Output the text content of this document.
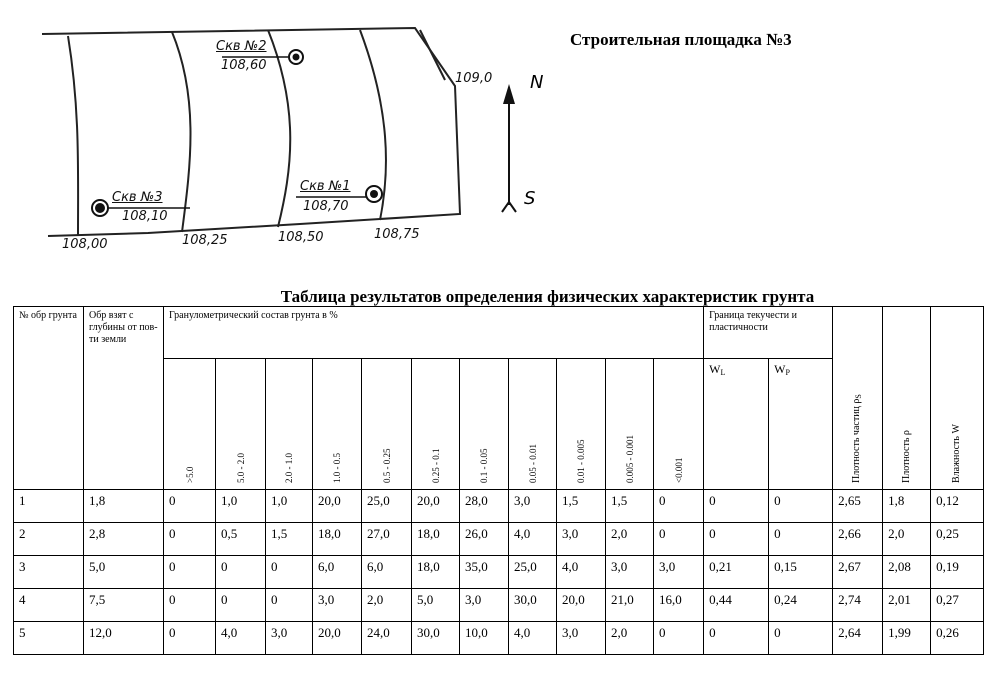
Скв №2
108,60
Скв №3
108,10
Скв №1
108,70
108,00	108,25	108,50	108,75
109,0 N
S
Строительная площадка №3
Таблица результатов определения физических характеристик грунта
№ обр грунта	Обр взят с глубины от пов-ти земли	Гранулометрический состав грунта в %											Граница текучести и пластичности		Плотность частиц $\rho_S$	Плотность ρ	Влажность W

		>5.0	5.0 - 2.0	2.0 - 1.0	1.0 - 0.5	0.5 - 0.25	0.25 - 0.1	0.1 - 0.05	0.05 - 0.01	0.01 - 0.005	0.005 - 0.001	<0.001	$W_L$	$W_P$
1	1,8	0	1,0	1,0	20,0	25,0	20,0	28,0	3,0	1,5	1,5	0	0	0	2,65	1,8	0,12
2	2,8	0	0,5	1,5	18,0	27,0	18,0	26,0	4,0	3,0	2,0	0	0	0	2,66	2,0	0,25
3	5,0	0	0	0	6,0	6,0	18,0	35,0	25,0	4,0	3,0	3,0	0,21	0,15	2,67	2,08	0,19
4	7,5	0	0	0	3,0	2,0	5,0	3,0	30,0	20,0	21,0	16,0	0,44	0,24	2,74	2,01	0,27
5	12,0	0	4,0	3,0	20,0	24,0	30,0	10,0	4,0	3,0	2,0	0	0	0	2,64	1,99	0,26
